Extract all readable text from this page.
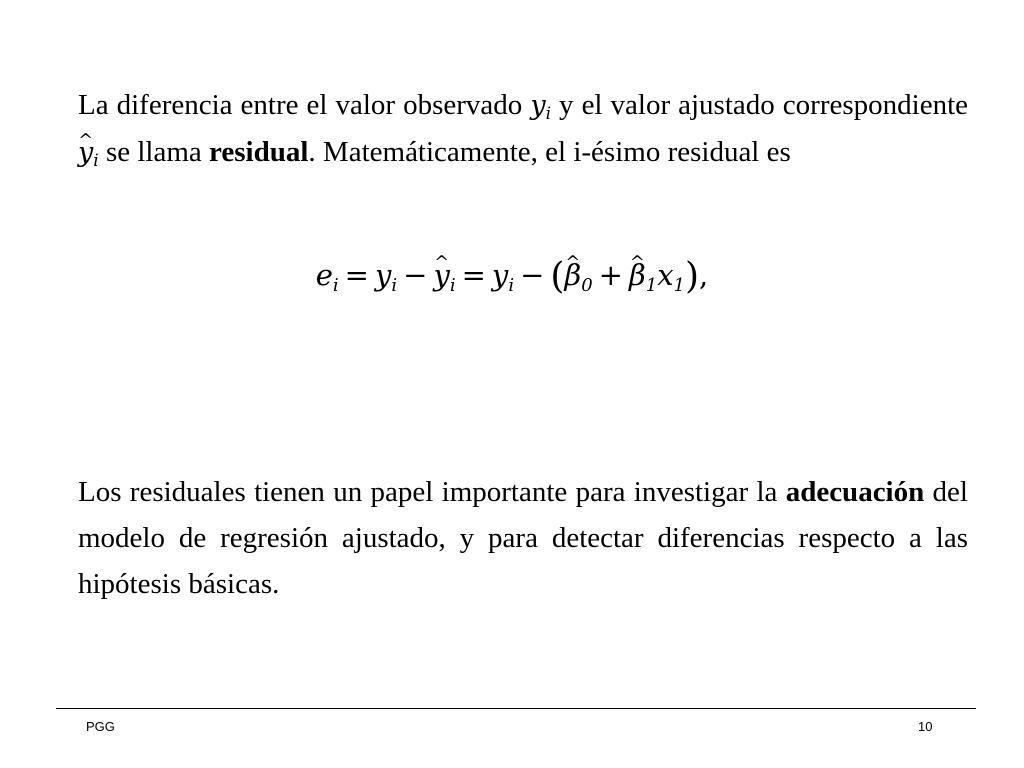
La diferencia entre el valor observado $y_i$ y el valor ajustado correspondiente ^ $y_i$ se llama residual. Matemáticamente, el i-ésimo residual es

$e_i = y_i$ − ^ $y_i = y_i$ − (^ $\beta_0$ + ^ $\beta_1x_1$),

Los residuales tienen un papel importante para investigar la adecuación del modelo de regresión ajustado, y para detectar diferencias respecto a las hipótesis básicas.

PGG	10
